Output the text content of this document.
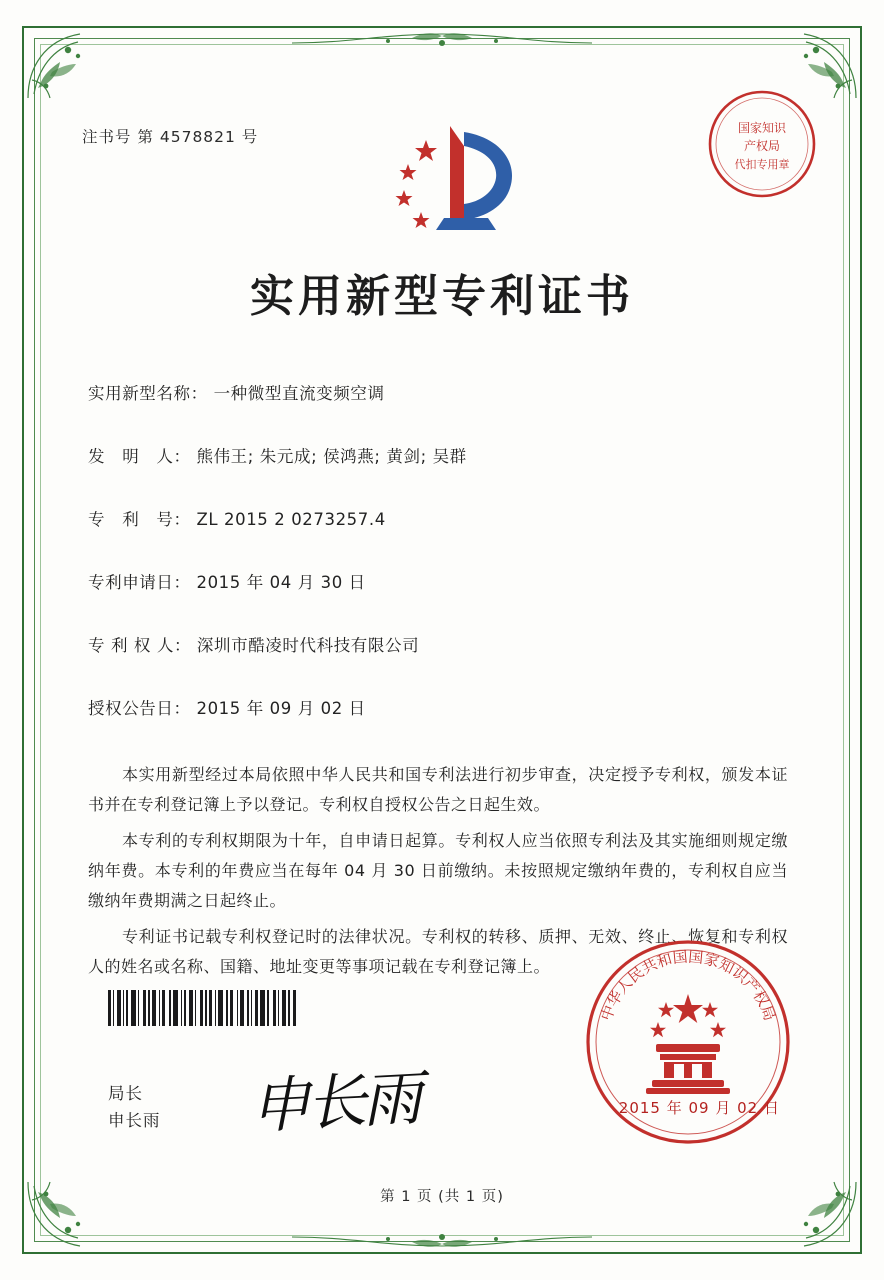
注书号 第 4578821 号	国家知识
产权局
代扣专用章
实用新型专利证书
实用新型名称： 一种微型直流变频空调
发　明　人： 熊伟王; 朱元成; 侯鸿燕; 黄剑; 吴群
专　利　号： ZL 2015 2 0273257.4
专利申请日： 2015 年 04 月 30 日
专 利 权 人： 深圳市酷凌时代科技有限公司
授权公告日： 2015 年 09 月 02 日
本实用新型经过本局依照中华人民共和国专利法进行初步审查，决定授予专利权，颁发本证书并在专利登记簿上予以登记。专利权自授权公告之日起生效。
本专利的专利权期限为十年，自申请日起算。专利权人应当依照专利法及其实施细则规定缴纳年费。本专利的年费应当在每年 04 月 30 日前缴纳。未按照规定缴纳年费的，专利权自应当缴纳年费期满之日起终止。
专利证书记载专利权登记时的法律状况。专利权的转移、质押、无效、终止、恢复和专利权人的姓名或名称、国籍、地址变更等事项记载在专利登记簿上。
申长雨
局长
申长雨
中华人民共和国国家知识产权局
2015 年 09 月 02 日
第 1 页 (共 1 页)
